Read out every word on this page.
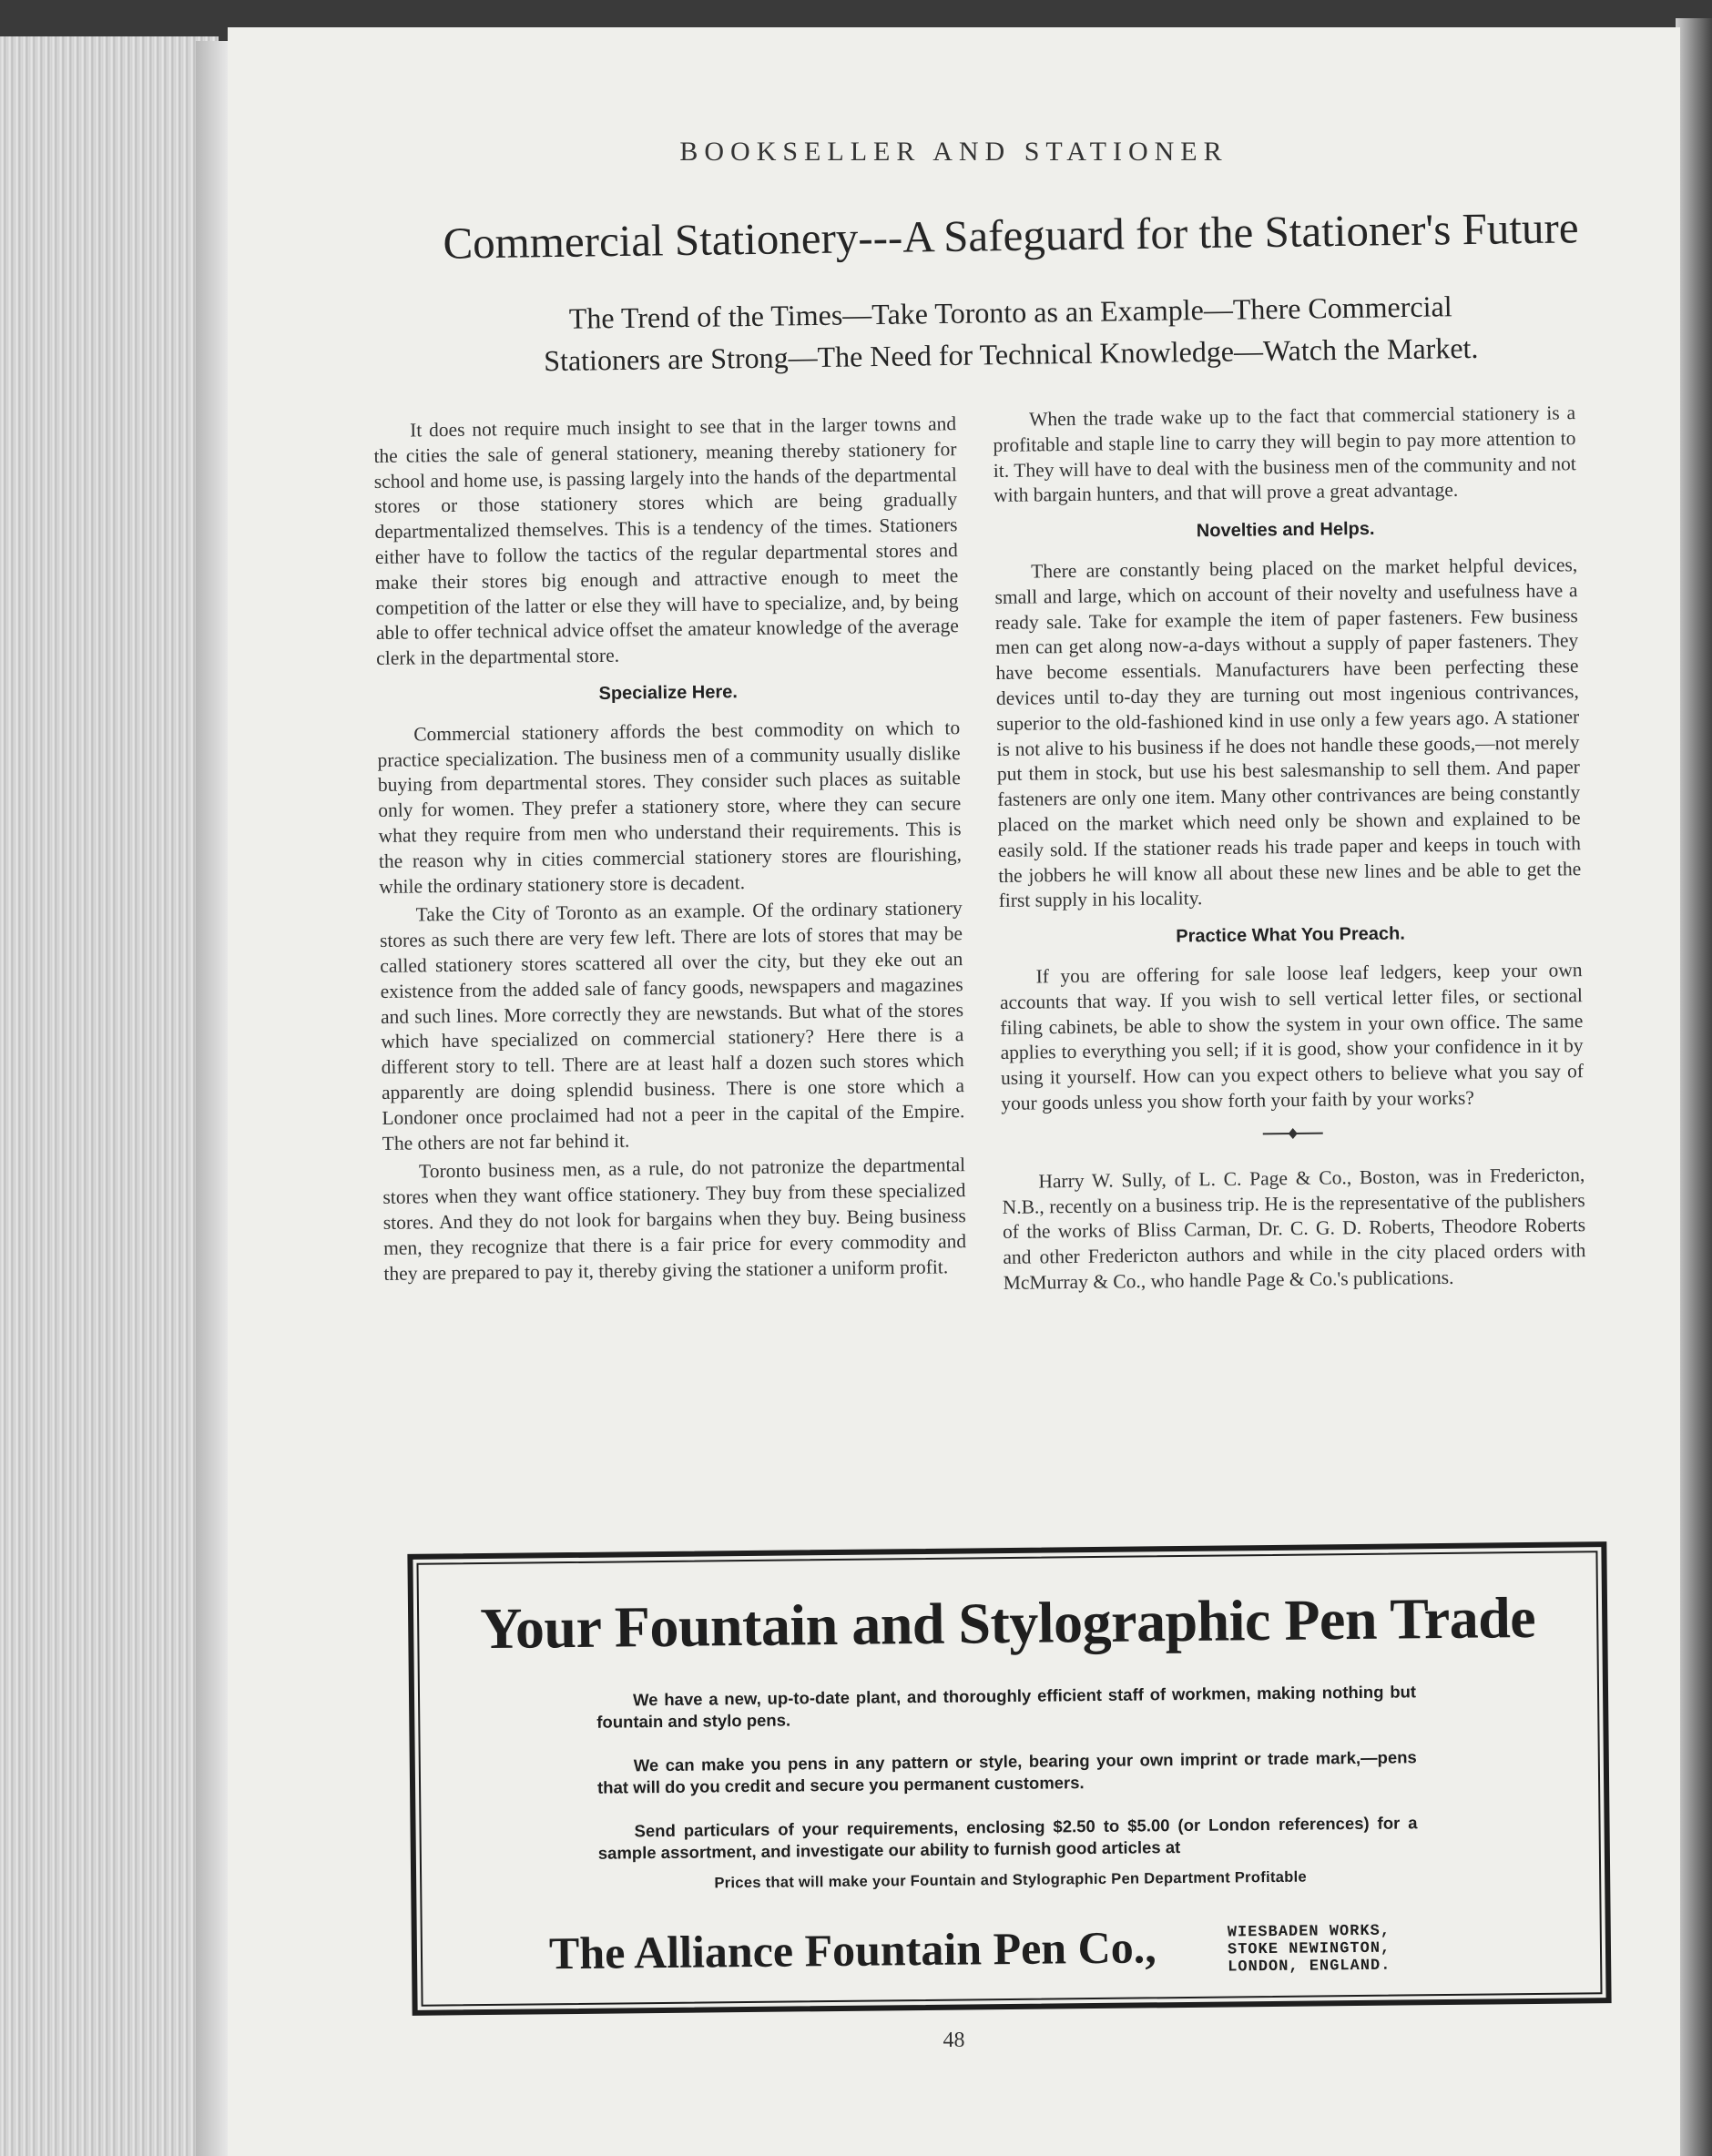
BOOKSELLER AND STATIONER
Commercial Stationery---A Safeguard for the Stationer's Future
The Trend of the Times—Take Toronto as an Example—There Commercial
Stationers are Strong—The Need for Technical Knowledge—Watch the Market.

It does not require much insight to see that in the larger towns and the cities the sale of general stationery, meaning thereby stationery for school and home use, is passing largely into the hands of the departmental stores or those stationery stores which are being gradually departmentalized themselves. This is a tendency of the times. Stationers either have to follow the tactics of the regular departmental stores and make their stores big enough and attractive enough to meet the competition of the latter or else they will have to specialize, and, by being able to offer technical advice offset the amateur knowledge of the average clerk in the departmental store.

Specialize Here.

Commercial stationery affords the best commodity on which to practice specialization. The business men of a community usually dislike buying from departmental stores. They consider such places as suitable only for women. They prefer a stationery store, where they can secure what they require from men who understand their requirements. This is the reason why in cities commercial stationery stores are flourishing, while the ordinary stationery store is decadent.

Take the City of Toronto as an example. Of the ordinary stationery stores as such there are very few left. There are lots of stores that may be called stationery stores scattered all over the city, but they eke out an existence from the added sale of fancy goods, newspapers and magazines and such lines. More correctly they are newstands. But what of the stores which have specialized on commercial stationery? Here there is a different story to tell. There are at least half a dozen such stores which apparently are doing splendid business. There is one store which a Londoner once proclaimed had not a peer in the capital of the Empire. The others are not far behind it.

Toronto business men, as a rule, do not patronize the departmental stores when they want office stationery. They buy from these specialized stores. And they do not look for bargains when they buy. Being business men, they recognize that there is a fair price for every commodity and they are prepared to pay it, thereby giving the stationer a uniform profit.

When the trade wake up to the fact that commercial stationery is a profitable and staple line to carry they will begin to pay more attention to it. They will have to deal with the business men of the community and not with bargain hunters, and that will prove a great advantage.

Novelties and Helps.

There are constantly being placed on the market helpful devices, small and large, which on account of their novelty and usefulness have a ready sale. Take for example the item of paper fasteners. Few business men can get along now-a-days without a supply of paper fasteners. They have become essentials. Manufacturers have been perfecting these devices until to-day they are turning out most ingenious contrivances, superior to the old-fashioned kind in use only a few years ago. A stationer is not alive to his business if he does not handle these goods,—not merely put them in stock, but use his best salesmanship to sell them. And paper fasteners are only one item. Many other contrivances are being constantly placed on the market which need only be shown and explained to be easily sold. If the stationer reads his trade paper and keeps in touch with the jobbers he will know all about these new lines and be able to get the first supply in his locality.

Practice What You Preach.

If you are offering for sale loose leaf ledgers, keep your own accounts that way. If you wish to sell vertical letter files, or sectional filing cabinets, be able to show the system in your own office. The same applies to everything you sell; if it is good, show your confidence in it by using it yourself. How can you expect others to believe what you say of your goods unless you show forth your faith by your works?

Harry W. Sully, of L. C. Page & Co., Boston, was in Fredericton, N.B., recently on a business trip. He is the representative of the publishers of the works of Bliss Carman, Dr. C. G. D. Roberts, Theodore Roberts and other Fredericton authors and while in the city placed orders with McMurray & Co., who handle Page & Co.'s publications.

Your Fountain and Stylographic Pen Trade

We have a new, up-to-date plant, and thoroughly efficient staff of workmen, making nothing but fountain and stylo pens.

We can make you pens in any pattern or style, bearing your own imprint or trade mark,—pens that will do you credit and secure you permanent customers.

Send particulars of your requirements, enclosing $2.50 to $5.00 (or London references) for a sample assortment, and investigate our ability to furnish good articles at

Prices that will make your Fountain and Stylographic Pen Department Profitable
The Alliance Fountain Pen Co.,	WIESBADEN WORKS,
STOKE NEWINGTON,
LONDON, ENGLAND.
48
